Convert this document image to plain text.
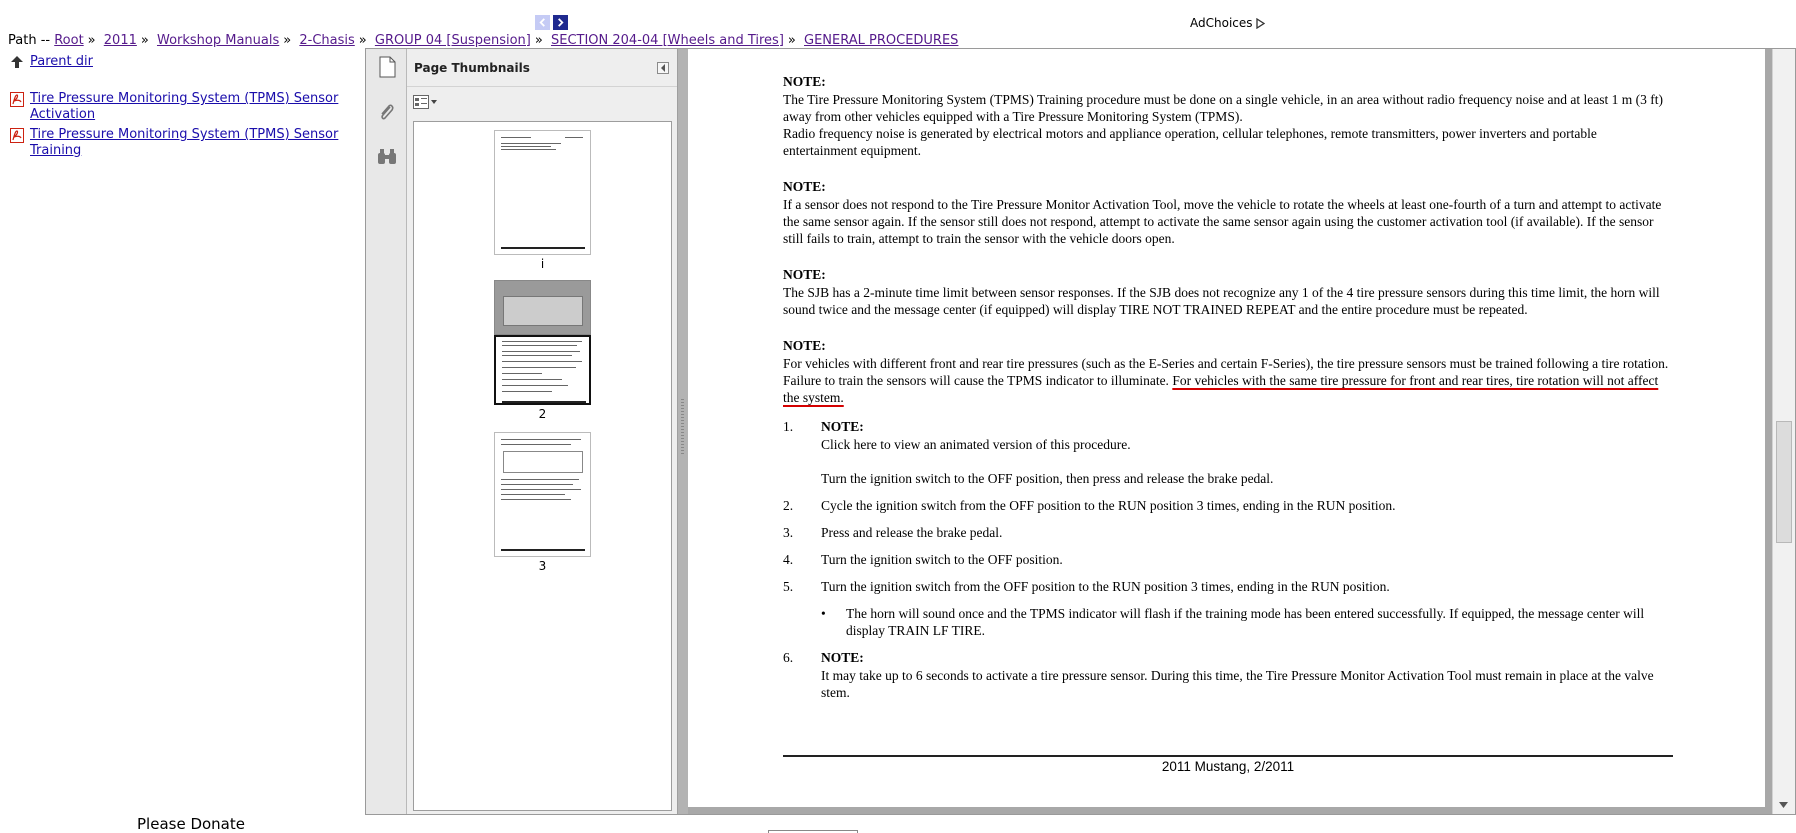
AdChoices
Path -- Root » 2011 » Workshop Manuals » 2-Chasis » GROUP 04 [Suspension] » SECTION 204-04 [Wheels and Tires] » GENERAL PROCEDURES
Parent dir
Tire Pressure Monitoring System (TPMS) Sensor
Activation
Tire Pressure Monitoring System (TPMS) Sensor Training
Page Thumbnails
i
2
3
NOTE:

The Tire Pressure Monitoring System (TPMS) Training procedure must be done on a single vehicle, in an area without radio frequency noise and at least 1 m (3 ft) away from other vehicles equipped with a Tire Pressure Monitoring System (TPMS).

Radio frequency noise is generated by electrical motors and appliance operation, cellular telephones, remote transmitters, power inverters and portable entertainment equipment.

NOTE:

If a sensor does not respond to the Tire Pressure Monitor Activation Tool, move the vehicle to rotate the wheels at least one-fourth of a turn and attempt to activate the same sensor again. If the sensor still does not respond, attempt to activate the same sensor again using the customer activation tool (if available). If the sensor still fails to train, attempt to train the sensor with the vehicle doors open.

NOTE:

The SJB has a 2-minute time limit between sensor responses. If the SJB does not recognize any 1 of the 4 tire pressure sensors during this time limit, the horn will sound twice and the message center (if equipped) will display TIRE NOT TRAINED REPEAT and the entire procedure must be repeated.

NOTE:

For vehicles with different front and rear tire pressures (such as the E-Series and certain F-Series), the tire pressure sensors must be trained following a tire rotation. Failure to train the sensors will cause the TPMS indicator to illuminate. For vehicles with the same tire pressure for front and rear tires, tire rotation will not affect the system.

1. NOTE:
Click here to view an animated version of this procedure.
Turn the ignition switch to the OFF position, then press and release the brake pedal.
2. Cycle the ignition switch from the OFF position to the RUN position 3 times, ending in the RUN position.
3. Press and release the brake pedal.
4. Turn the ignition switch to the OFF position.
5. Turn the ignition switch from the OFF position to the RUN position 3 times, ending in the RUN position.
• The horn will sound once and the TPMS indicator will flash if the training mode has been entered successfully. If equipped, the message center will display TRAIN LF TIRE.
6. NOTE:
It may take up to 6 seconds to activate a tire pressure sensor. During this time, the Tire Pressure Monitor Activation Tool must remain in place at the valve stem.
2011 Mustang, 2/2011
Please Donate
